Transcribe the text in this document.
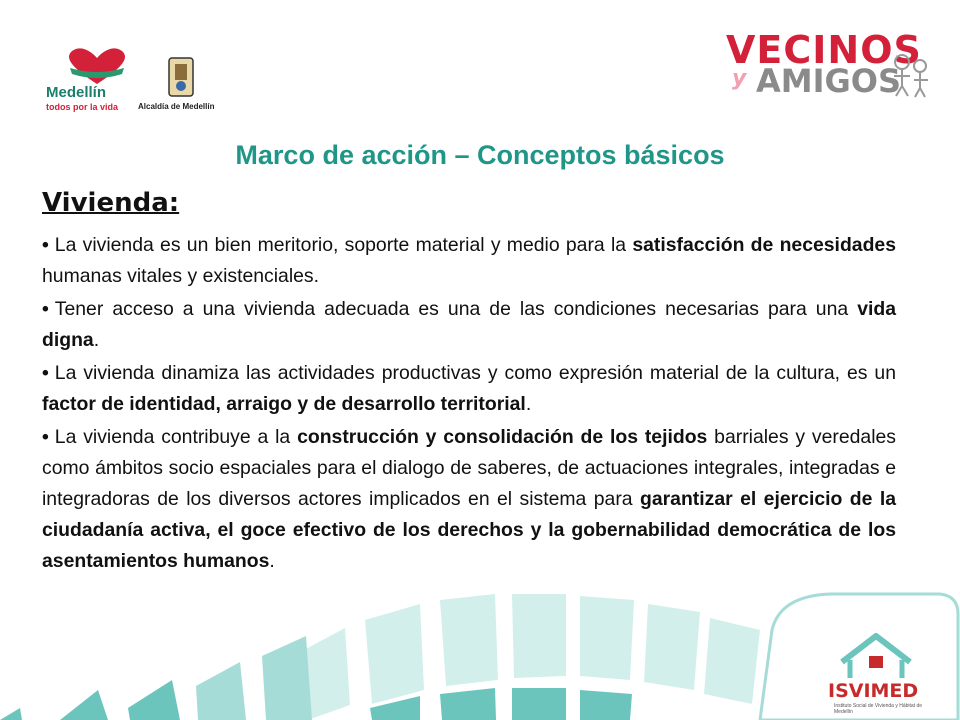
Medellín
todos por la vida Alcaldía de Medellín
VECINOS
y AMIGOS
Marco de acción – Conceptos básicos
Vivienda:
• La vivienda es un bien meritorio, soporte material y medio para la satisfacción de necesidades humanas vitales y existenciales.
• Tener acceso a una vivienda adecuada es una de las condiciones necesarias para una vida digna.
• La vivienda dinamiza las actividades productivas y como expresión material de la cultura, es un factor de identidad, arraigo y de desarrollo territorial.
• La vivienda contribuye a la construcción y consolidación de los tejidos barriales y veredales como ámbitos socio espaciales para el dialogo de saberes, de actuaciones integrales, integradas e integradoras de los diversos actores implicados en el sistema para garantizar el ejercicio de la ciudadanía activa, el goce efectivo de los derechos y la gobernabilidad democrática de los asentamientos humanos.
ISVIMED
Instituto Social de Vivienda y Hábitat de Medellín
